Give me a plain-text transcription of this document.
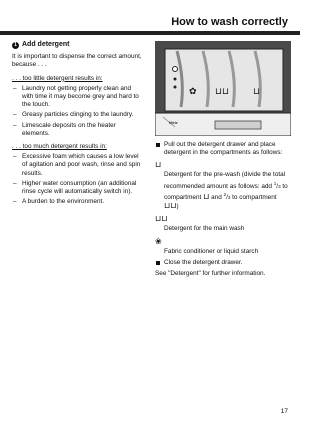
How to wash correctly
1 Add detergent

It is important to dispense the correct amount, because . . .

. . . too little detergent results in:

– Laundry not getting properly clean and with time it may become grey and hard to the touch.
– Greasy particles clinging to the laundry.
– Limescale deposits on the heater elements.

. . . too much detergent results in:

– Excessive foam which causes a low level of agitation and poor wash, rinse and spin results.
– Higher water consumption (an additional rinse cycle will automatically switch in).
– A burden to the environment.
✿ ⊔⊔	⊔
Miele

Pull out the detergent drawer and place detergent in the compartments as follows:

⊔

Detergent for the pre-wash (divide the total recommended amount as follows: add $^1$/3 to compartment ⊔ and $^2$/3 to compartment ⊔⊔)

⊔⊔

Detergent for the main wash

❀

Fabric conditioner or liquid starch

Close the detergent drawer.

See "Detergent" for further information.

17
